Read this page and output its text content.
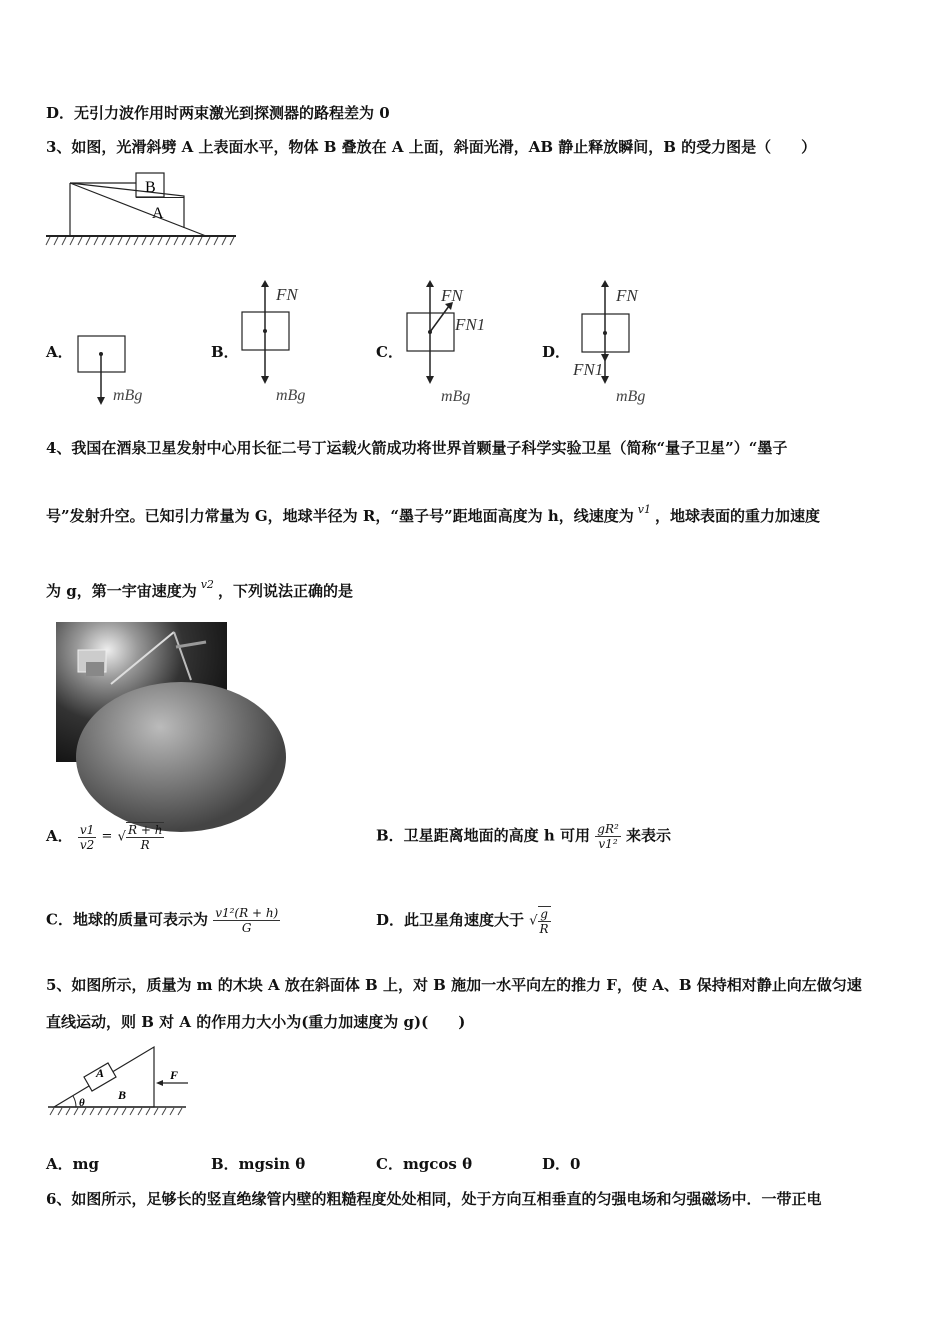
D．无引力波作用时两束激光到探测器的路程差为 0
3、如图，光滑斜劈 A 上表面水平，物体 B 叠放在 A 上面，斜面光滑，AB 静止释放瞬间，B 的受力图是（　　）
B
A
A．
mBg
B．
FN
mBg
C．
FN
FN1
mBg
D．
FN
FN1
mBg
4、我国在酒泉卫星发射中心用长征二号丁运载火箭成功将世界首颗量子科学实验卫星（简称“量子卫星”）“墨子
号”发射升空。已知引力常量为 G，地球半径为 R，“墨子号”距地面高度为 h，线速度为 $^{v1}$ ，地球表面的重力加速度
为 g，第一宇宙速度为 $^{v2}$ ，下列说法正确的是
A． $\frac{v1}{v2}$ = √ $\frac{R + h}{R}$	B．卫星距离地面的高度 h 可用 $\frac{\text{gR²}}{\text{v1²}}$ 来表示
C．地球的质量可表示为 $\frac{\text{v1²(R + h)}}{G}$	D．此卫星角速度大于 √ $\frac{g}{R}$
5、如图所示，质量为 m 的木块 A 放在斜面体 B 上，对 B 施加一水平向左的推力 F，使 A、B 保持相对静止向左做匀速
直线运动，则 B 对 A 的作用力大小为(重力加速度为 g)(　　)
A
B
F
θ
A．mg	B．mgsin θ	C．mgcos θ	D．0
6、如图所示，足够长的竖直绝缘管内壁的粗糙程度处处相同，处于方向互相垂直的匀强电场和匀强磁场中．一带正电
